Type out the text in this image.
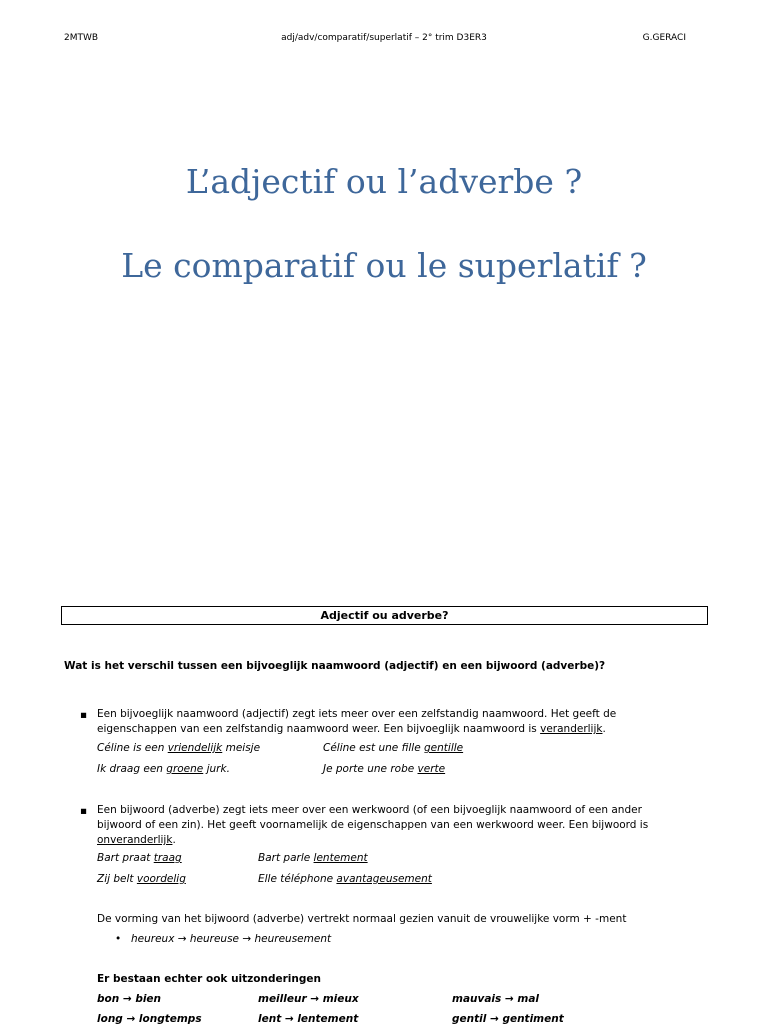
2MTWB	adj/adv/comparatif/superlatif – 2° trim D3ER3	G.GERACI
L’adjectif ou l’adverbe ?
Le comparatif ou le superlatif ?
Adjectif ou adverbe?
Wat is het verschil tussen een bijvoeglijk naamwoord (adjectif) en een bijwoord (adverbe)?
▪ Een bijvoeglijk naamwoord (adjectif) zegt iets meer over een zelfstandig naamwoord. Het geeft de
eigenschappen van een zelfstandig naamwoord weer. Een bijvoeglijk naamwoord is veranderlijk.
Céline is een vriendelijk meisje	Céline est une fille gentille
Ik draag een groene jurk.	Je porte une robe verte
▪ Een bijwoord (adverbe) zegt iets meer over een werkwoord (of een bijvoeglijk naamwoord of een ander
bijwoord of een zin). Het geeft voornamelijk de eigenschappen van een werkwoord weer. Een bijwoord is
onveranderlijk.
Bart praat traag	Bart parle lentement
Zij belt voordelig	Elle téléphone avantageusement
De vorming van het bijwoord (adverbe) vertrekt normaal gezien vanuit de vrouwelijke vorm + -ment
• heureux → heureuse → heureusement
Er bestaan echter ook uitzonderingen
bon → bien	meilleur → mieux	mauvais → mal
long → longtemps	lent → lentement	gentil → gentiment
